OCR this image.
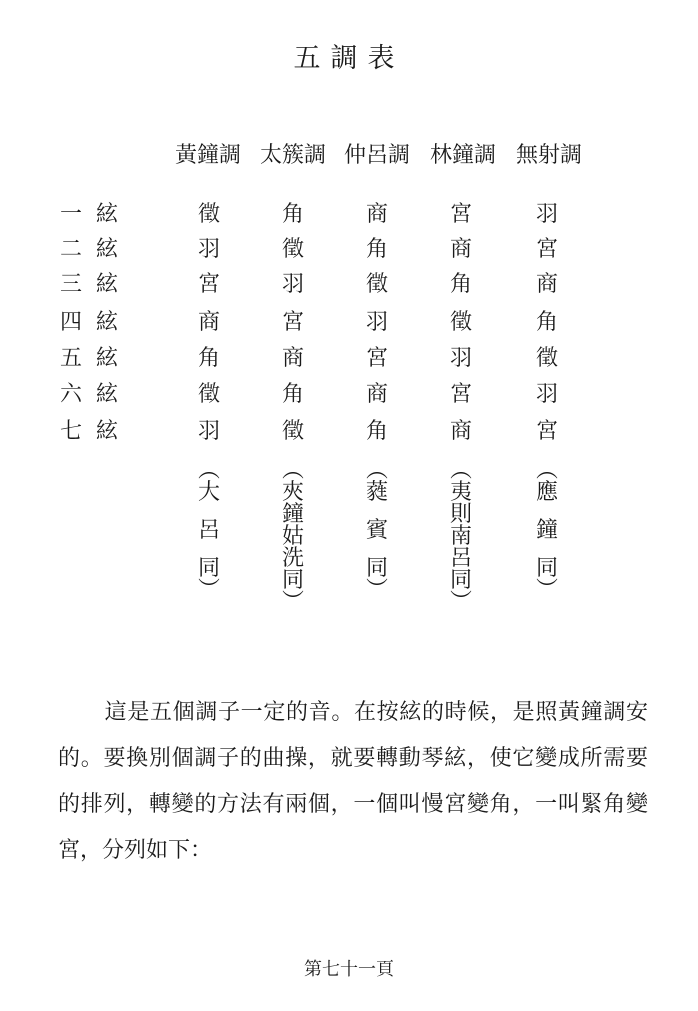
五調表
黃鐘調 太簇調 仲呂調 林鐘調 無射調
一絃	徵	角	商	宮	羽
二絃	羽	徵	角	商	宮
三絃	宮	羽	徵	角	商
四絃	商	宮	羽	徵	角
五絃	角	商	宮	羽	徵
六絃	徵	角	商	宮	羽
七絃	羽	徵	角	商	宮
︵
大
呂
同
︶
︵
夾
鐘
姑
洗
同
︶
︵
蕤
賓
同
︶
︵
夷
則
南
呂
同
︶
︵
應
鐘
同
︶
這是五個調子一定的音。在按絃的時候，是照黃鐘調安的。要換別個調子的曲操，就要轉動琴絃，使它變成所需要的排列，轉變的方法有兩個，一個叫慢宮變角，一叫緊角變宮，分列如下：
第七十一頁
